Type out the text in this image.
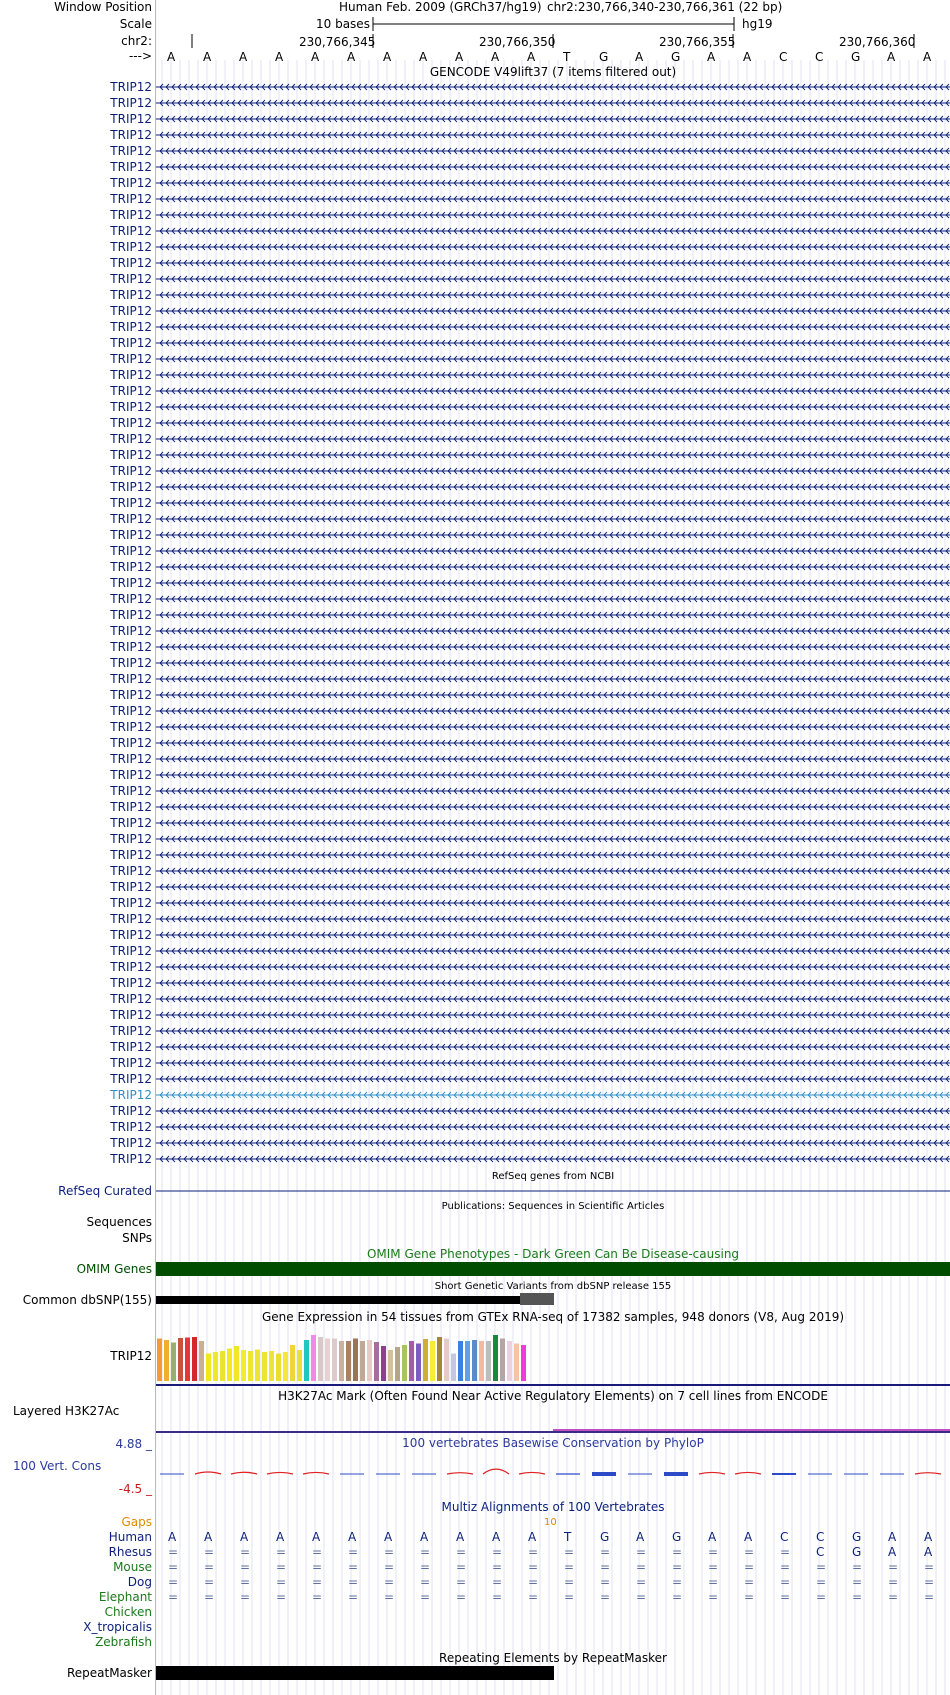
Window Position
Scale
chr2:
--->
Human Feb. 2009 (GRCh37/hg19) chr2:230,766,340-230,766,361 (22 bp)
10 bases	hg19
230,766,345	230,766,350	230,766,355	230,766,360
A A A A A A A A A A A T G A G A A C C G A A
GENCODE V49lift37 (7 items filtered out)
TRIP12
TRIP12
TRIP12
TRIP12
TRIP12
TRIP12
TRIP12
TRIP12
TRIP12
TRIP12
TRIP12
TRIP12
TRIP12
TRIP12
TRIP12
TRIP12
TRIP12
TRIP12
TRIP12
TRIP12
TRIP12
TRIP12
TRIP12
TRIP12
TRIP12
TRIP12
TRIP12
TRIP12
TRIP12
TRIP12
TRIP12
TRIP12
TRIP12
TRIP12
TRIP12
TRIP12
TRIP12
TRIP12
TRIP12
TRIP12
TRIP12
TRIP12
TRIP12
TRIP12
TRIP12
TRIP12
TRIP12
TRIP12
TRIP12
TRIP12
TRIP12
TRIP12
TRIP12
TRIP12
TRIP12
TRIP12
TRIP12
TRIP12
TRIP12
TRIP12
TRIP12
TRIP12
TRIP12
TRIP12
TRIP12
TRIP12
TRIP12
TRIP12
RefSeq genes from NCBI
RefSeq Curated
Publications: Sequences in Scientific Articles
Sequences
SNPs
OMIM Gene Phenotypes - Dark Green Can Be Disease-causing
OMIM Genes
Short Genetic Variants from dbSNP release 155
Common dbSNP(155)
Gene Expression in 54 tissues from GTEx RNA-seq of 17382 samples, 948 donors (V8, Aug 2019)
TRIP12
H3K27Ac Mark (Often Found Near Active Regulatory Elements) on 7 cell lines from ENCODE
Layered H3K27Ac
100 vertebrates Basewise Conservation by PhyloP
4.88 _
100 Vert. Cons
-4.5 _
Multiz Alignments of 100 Vertebrates
Gaps	10
Human A A A A A A A A A A A T G A G A A C C G A A
Rhesus = = = = = = = = = = = = = = = = = = C G A A
Mouse = = = = = = = = = = = = = = = = = = = = = =
Dog = = = = = = = = = = = = = = = = = = = = = =
Elephant = = = = = = = = = = = = = = = = = = = = = =
Chicken
X_tropicalis
Zebrafish
Repeating Elements by RepeatMasker
RepeatMasker
